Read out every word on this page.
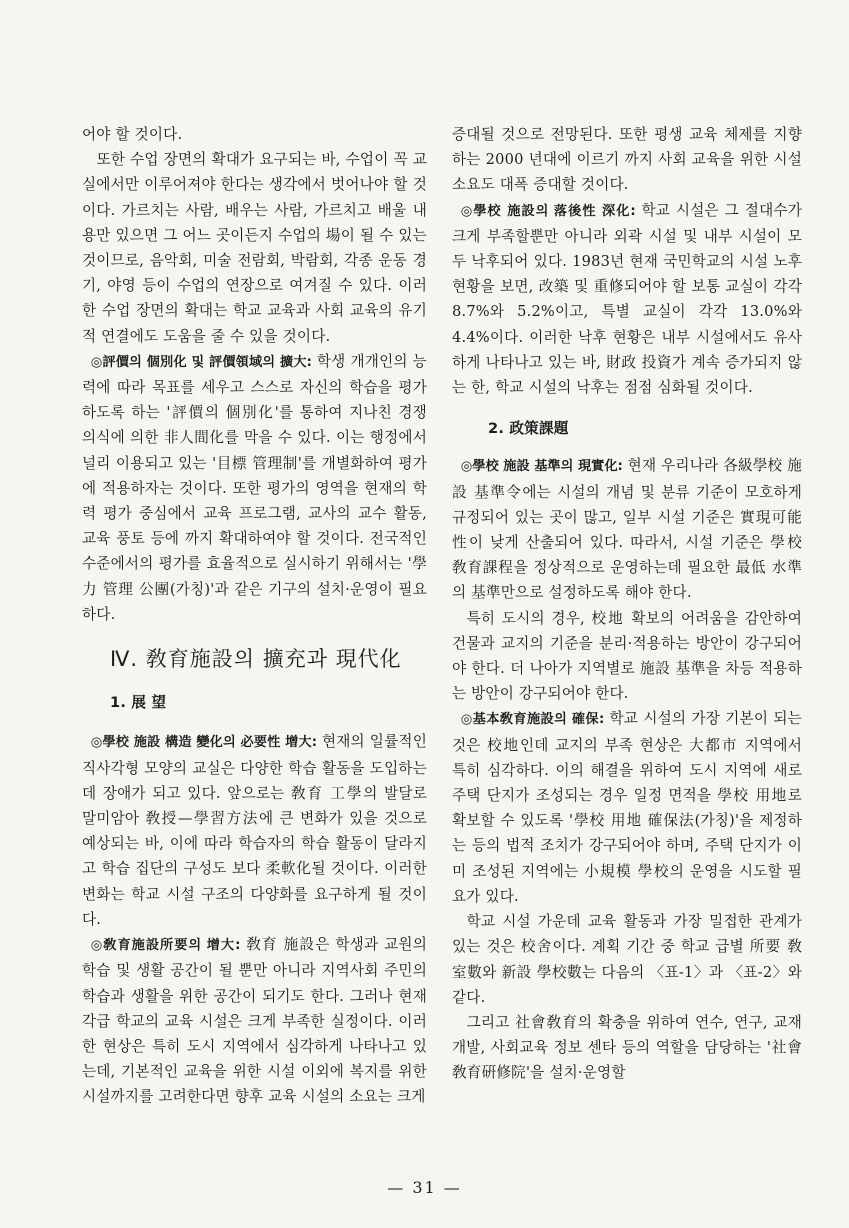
어야 할 것이다.

또한 수업 장면의 확대가 요구되는 바, 수업이 꼭 교실에서만 이루어져야 한다는 생각에서 벗어나야 할 것이다. 가르치는 사람, 배우는 사람, 가르치고 배울 내용만 있으면 그 어느 곳이든지 수업의 場이 될 수 있는것이므로, 음악회, 미술 전람회, 박람회, 각종 운동 경기, 야영 등이 수업의 연장으로 여겨질 수 있다. 이러한 수업 장면의 확대는 학교 교육과 사회 교육의 유기적 연결에도 도움을 줄 수 있을 것이다.

◎評價의 個別化 및 評價領域의 擴大: 학생 개개인의 능력에 따라 목표를 세우고 스스로 자신의 학습을 평가하도록 하는 '評價의 個別化'를 통하여 지나친 경쟁 의식에 의한 非人間化를 막을 수 있다. 이는 행정에서 널리 이용되고 있는 '目標 管理制'를 개별화하여 평가에 적용하자는 것이다. 또한 평가의 영역을 현재의 학력 평가 중심에서 교육 프로그램, 교사의 교수 활동, 교육 풍토 등에 까지 확대하여야 할 것이다. 전국적인 수준에서의 평가를 효율적으로 실시하기 위해서는 '學力 管理 公團(가칭)'과 같은 기구의 설치·운영이 필요하다.

Ⅳ. 敎育施設의 擴充과 現代化
1. 展 望

◎學校 施設 構造 變化의 必要性 增大: 현재의 일률적인 직사각형 모양의 교실은 다양한 학습 활동을 도입하는 데 장애가 되고 있다. 앞으로는 敎育 工學의 발달로 말미암아 敎授—學習方法에 큰 변화가 있을 것으로 예상되는 바, 이에 따라 학습자의 학습 활동이 달라지고 학습 집단의 구성도 보다 柔軟化될 것이다. 이러한 변화는 학교 시설 구조의 다양화를 요구하게 될 것이다.

◎敎育施設所要의 增大: 敎育 施設은 학생과 교원의 학습 및 생활 공간이 될 뿐만 아니라 지역사회 주민의 학습과 생활을 위한 공간이 되기도 한다. 그러나 현재 각급 학교의 교육 시설은 크게 부족한 실정이다. 이러한 현상은 특히 도시 지역에서 심각하게 나타나고 있는데, 기본적인 교육을 위한 시설 이외에 복지를 위한 시설까지를 고려한다면 향후 교육 시설의 소요는 크게

증대될 것으로 전망된다. 또한 평생 교육 체제를 지향하는 2000 년대에 이르기 까지 사회 교육을 위한 시설 소요도 대폭 증대할 것이다.

◎學校 施設의 落後性 深化: 학교 시설은 그 절대수가 크게 부족할뿐만 아니라 외곽 시설 및 내부 시설이 모두 낙후되어 있다. 1983년 현재 국민학교의 시설 노후 현황을 보면, 改築 및 重修되어야 할 보통 교실이 각각 8.7%와 5.2%이고, 특별 교실이 각각 13.0%와 4.4%이다. 이러한 낙후 현황은 내부 시설에서도 유사하게 나타나고 있는 바, 財政 投資가 계속 증가되지 않는 한, 학교 시설의 낙후는 점점 심화될 것이다.

2. 政策課題

◎學校 施設 基準의 現實化: 현재 우리나라 各級學校 施設 基準令에는 시설의 개념 및 분류 기준이 모호하게 규정되어 있는 곳이 많고, 일부 시설 기준은 實現可能性이 낮게 산출되어 있다. 따라서, 시설 기준은 學校 敎育課程을 정상적으로 운영하는데 필요한 最低 水準의 基準만으로 설정하도록 해야 한다.

특히 도시의 경우, 校地 확보의 어려움을 감안하여 건물과 교지의 기준을 분리·적용하는 방안이 강구되어야 한다. 더 나아가 지역별로 施設 基準을 차등 적용하는 방안이 강구되어야 한다.

◎基本敎育施設의 確保: 학교 시설의 가장 기본이 되는 것은 校地인데 교지의 부족 현상은 大都市 지역에서 특히 심각하다. 이의 해결을 위하여 도시 지역에 새로 주택 단지가 조성되는 경우 일정 면적을 學校 用地로 확보할 수 있도록 '學校 用地 確保法(가칭)'을 제정하는 등의 법적 조치가 강구되어야 하며, 주택 단지가 이미 조성된 지역에는 小規模 學校의 운영을 시도할 필요가 있다.

학교 시설 가운데 교육 활동과 가장 밀접한 관계가 있는 것은 校舍이다. 계획 기간 중 학교 급별 所要 敎室數와 新設 學校數는 다음의 〈표-1〉과 〈표-2〉와 같다.

그리고 社會敎育의 확충을 위하여 연수, 연구, 교재 개발, 사회교육 정보 센타 등의 역할을 담당하는 '社會敎育硏修院'을 설치·운영할

— 31 —
